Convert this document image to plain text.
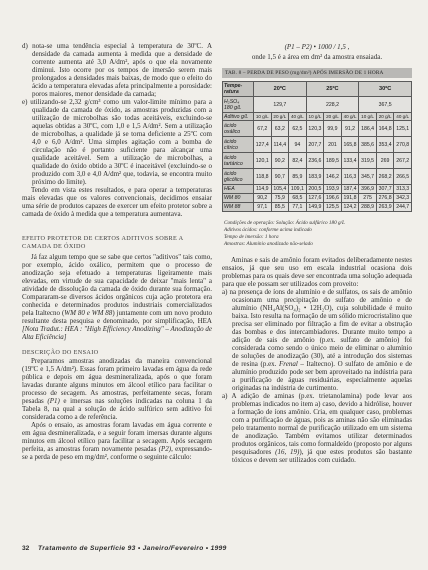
d) nota-se uma tendência especial à temperatura de 30ºC. A densidade da camada aumenta à medida que a densidade de corrente aumenta até 3,0 A/dm², após o que ela novamente diminui. Isto ocorre por os tempos de imersão serem mais prolongados a densidades mais baixas, de modo que o efeito do ácido a temperatura elevadas afeta principalmente a porosidade: poros maiores, menor densidade da camada;

e) utilizando-se 2,32 g/cm³ como um valor-limite mínimo para a qualidade da camada de óxido, as amostras produzidas com a utilização de microbolhas são todas aceitáveis, excluindo-se aquelas obtidas a 30ºC, com 1,0 e 1,5 A/dm². Sem a utilização de microbolhas, a qualidade já se torna deficiente a 25ºC com 4,0 e 6,0 A/dm². Uma simples agitação com a bomba de circulação não é portanto suficiente para alcançar uma qualidade aceitável. Sem a utilização de microbolhas, a qualidade do óxido obtido a 30ºC é inaceitável (excluindo-se o produzido com 3,0 e 4,0 A/dm² que, todavia, se encontra muito próximo do limite).

Tendo em vista estes resultados, e para operar a temperaturas mais elevadas que os valores convencionais, decidimos ensaiar uma série de produtos capazes de exercer um efeito protetor sobre a camada de óxido à medida que a temperatura aumentava.

EFEITO PROTETOR DE CERTOS ADITIVOS SOBRE A CAMADA DE ÓXIDO

Já faz algum tempo que se sabe que certos "aditivos" tais como, por exemplo, ácido oxálico, permitem que o processo de anodização seja efetuado a temperaturas ligeiramente mais elevadas, em virtude de sua capacidade de deixar "mais lenta" a atividade de dissolução da camada de óxido durante sua formação. Compararam-se diversos ácidos orgânicos cuja ação protetora era conhecida e determinados produtos industriais comercializados pela Italtecno (WM 80 e WM 88) juntamente com um novo produto resultante desta pesquisa e denominado, por simplificação, HEA [Nota Tradut.: HEA : "High Efficiency Anodizing" – Anodização de Alta Eficiência]

DESCRIÇÃO DO ENSAIO

Preparamos amostras anodizadas da maneira convencional (19ºC e 1,5 A/dm²). Essas foram primeiro lavadas em água da rede pública e depois em água desmineralizada, após o que foram lavadas durante alguns minutos em álcool etílico para facilitar o processo de secagem. As amostras, perfeitamente secas, foram pesadas (P1) e imersas nas soluções indicadas na coluna 1 da Tabela 8, na qual a solução de ácido sulfúrico sem aditivo foi considerada como a de referência.

Após o ensaio, as amostras foram lavadas em água corrente e em água desmineralizada, e a seguir foram imersas durante alguns minutos em álcool etílico para facilitar a secagem. Após secagem perfeita, as amostras foram novamente pesadas (P2), expressando-se a perda de peso em mg/dm², conforme o seguinte cálculo:

(P1 – P2) • 1000 / 1,5 ,

onde 1,5 é a área em dm² da amostra ensaiada.

TAB. 8 – PERDA DE PESO (mg/dm²) APÓS IMERSÃO DE 1 HORA
Tempe-
ratura	20ºC			25ºC			30ºC		
H₂SO₄
180 g/L	129,7			228,2			367,5		
Aditivo g/L	10 g/L	20 g/L	40 g/L	10 g/L	20 g/L	40 g/L	10 g/L	20 g/L	40 g/L
ácido
oxálico	67,2	63,2	62,5	120,3	99,9	91,2	186,4	164,8	125,1
ácido
cítrico	127,4	114,4	94	207,7	201	165,8	385,6	353,4	270,8
ácido
tartárico	120,1	90,2	82,4	236,6	189,5	133,4	319,5	269	267,2
ácido
glicólico	118,8	90,7	85,9	183,9	146,2	116,3	345,7	268,2	266,5
HEA	114,9	105,4	109,1	200,5	193,9	187,4	396,9	307,7	313,3
WM 80	90,2	75,9	68,5	127,6	196,6	191,8	275	276,8	342,3
WM 88	97,1	85,5	77,1	149,9	125,5	124,2	288,9	263,9	244,7
Condições de operação: Solução: Ácido sulfúrico 180 g/L
Aditivos ácidos: conforme acima indicado
Tempo de imersão: 1 hora
Amostras: Alumínio anodizado não-selado

Aminas e sais de amônio foram evitados deliberadamente nestes ensaios, já que seu uso em escala industrial ocasiona dois problemas para os quais deve ser encontrada uma solução adequada para que ele possam ser utilizados com proveito:

a) na presença de íons de alumínio e de sulfatos, os sais de amônio ocasionam uma precipitação do sulfato de amônio e de alumínio (NH₄Al(SO₄)₂ • 12H₂O), cuja solubilidade é muito baixa. Isto resulta na formação de um sólido microcristalino que precisa ser eliminado por filtração a fim de evitar a obstrução das bombas e dos intercambiadores. Durante muito tempo a adição de sais de amônio (p.ex. sulfato de amônio) foi considerada como sendo o único meio de eliminar o alumínio de soluções de anodização (30), até a introdução dos sistemas de resina (p.ex. Frenal – Italtecno). O sulfato de amônio e de alumínio produzido pode ser bem aproveitado na indústria para a purificação de águas residuárias, especialmente aquelas originadas na indústria de curtimento.

a) A adição de aminas (p.ex. trietanolamina) pode levar aos problemas indicados no item a) caso, devido a hidrólise, houver a formação de íons amônio. Cria, em qualquer caso, problemas com a purificação de águas, pois as aminas não são eliminadas pelo tratamento normal de purificação utilizado em um sistema de anodização. Também evitamos utilizar determinados produtos orgânicos, tais como formaldeído (proposto por alguns pesquisadores (16, 19)), já que estes produtos são bastante tóxicos e devem ser utilizados com cuidado.

32 Tratamento de Superfície 93 • Janeiro/Fevereiro • 1999
